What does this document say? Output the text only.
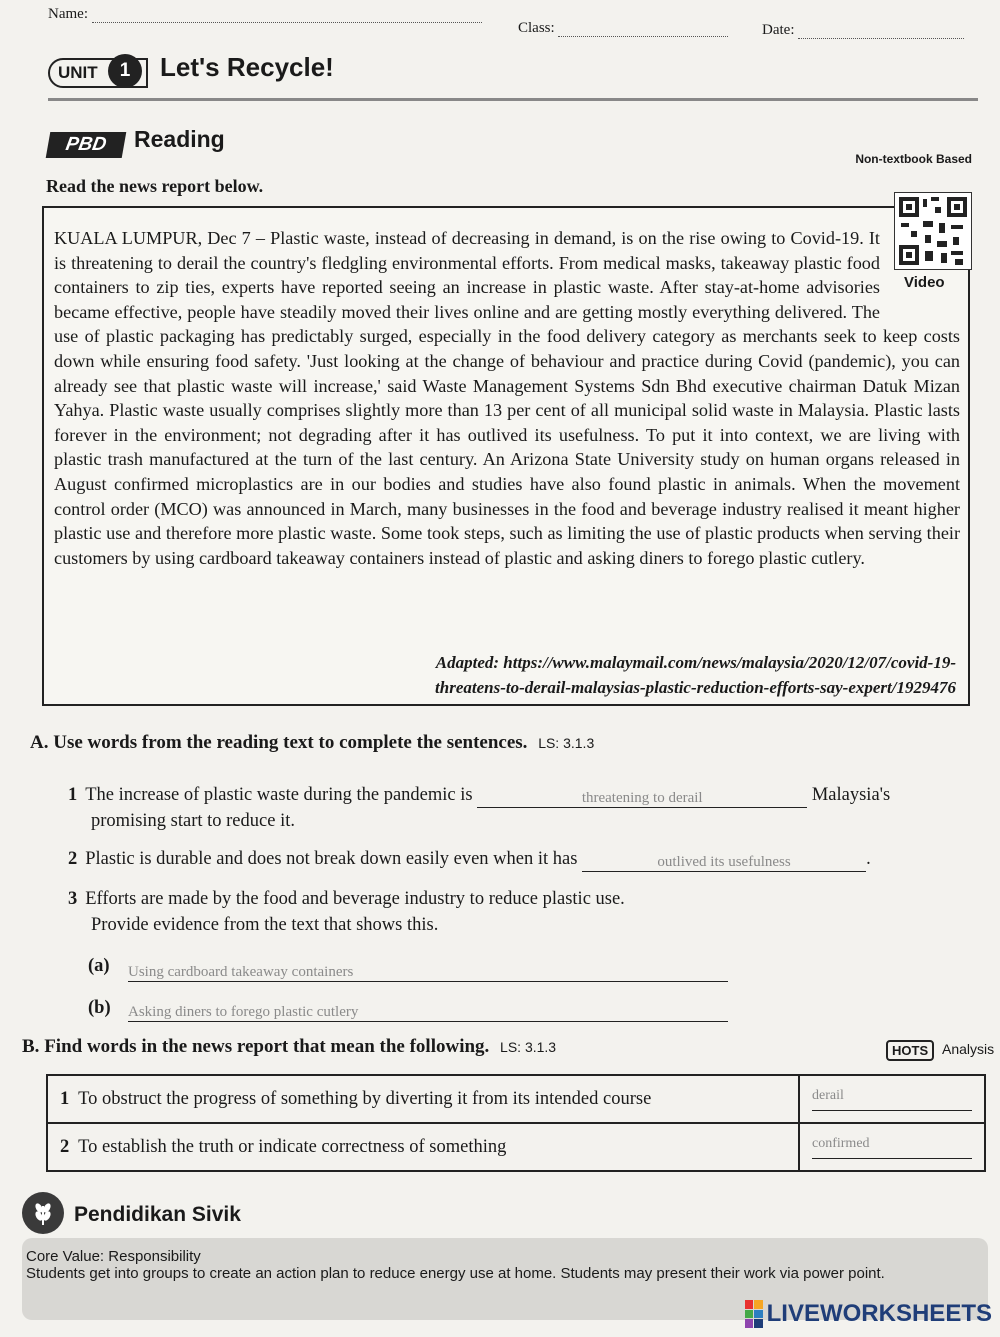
Name:
Class:	Date:
UNIT	1	Let's Recycle!
PBD Reading
Non-textbook Based
Read the news report below.
KUALA LUMPUR, Dec 7 – Plastic waste, instead of decreasing in demand, is on the rise owing to Covid-19. It is threatening to derail the country's fledgling environmental efforts. From medical masks, takeaway plastic food containers to zip ties, experts have reported seeing an increase in plastic waste. After stay-at-home advisories became effective, people have steadily moved their lives online and are getting mostly everything delivered. The use of plastic packaging has predictably surged, especially in the food delivery category as merchants seek to keep costs down while ensuring food safety. 'Just looking at the change of behaviour and practice during Covid (pandemic), you can already see that plastic waste will increase,' said Waste Management Systems Sdn Bhd executive chairman Datuk Mizan Yahya. Plastic waste usually comprises slightly more than 13 per cent of all municipal solid waste in Malaysia. Plastic lasts forever in the environment; not degrading after it has outlived its usefulness. To put it into context, we are living with plastic trash manufactured at the turn of the last century. An Arizona State University study on human organs released in August confirmed microplastics are in our bodies and studies have also found plastic in animals. When the movement control order (MCO) was announced in March, many businesses in the food and beverage industry realised it meant higher plastic use and therefore more plastic waste. Some took steps, such as limiting the use of plastic products when serving their customers by using cardboard takeaway containers instead of plastic and asking diners to forego plastic cutlery.
Adapted: https://www.malaymail.com/news/malaysia/2020/12/07/covid-19-
threatens-to-derail-malaysias-plastic-reduction-efforts-say-expert/1929476
Video
A. Use words from the reading text to complete the sentences. LS: 3.1.3
1 The increase of plastic waste during the pandemic is	threatening to derail	Malaysia's
promising start to reduce it.
2 Plastic is durable and does not break down easily even when it has	outlived its usefulness	.
3 Efforts are made by the food and beverage industry to reduce plastic use.
Provide evidence from the text that shows this.
(a) Using cardboard takeaway containers
(b) Asking diners to forego plastic cutlery
B. Find words in the news report that mean the following. LS: 3.1.3	HOTS Analysis
1 To obstruct the progress of something by diverting it from its intended course	derail

2 To establish the truth or indicate correctness of something	confirmed
Pendidikan Sivik
Core Value: Responsibility
Students get into groups to create an action plan to reduce energy use at home. Students may present their work via power point.
LIVEWORKSHEETS
